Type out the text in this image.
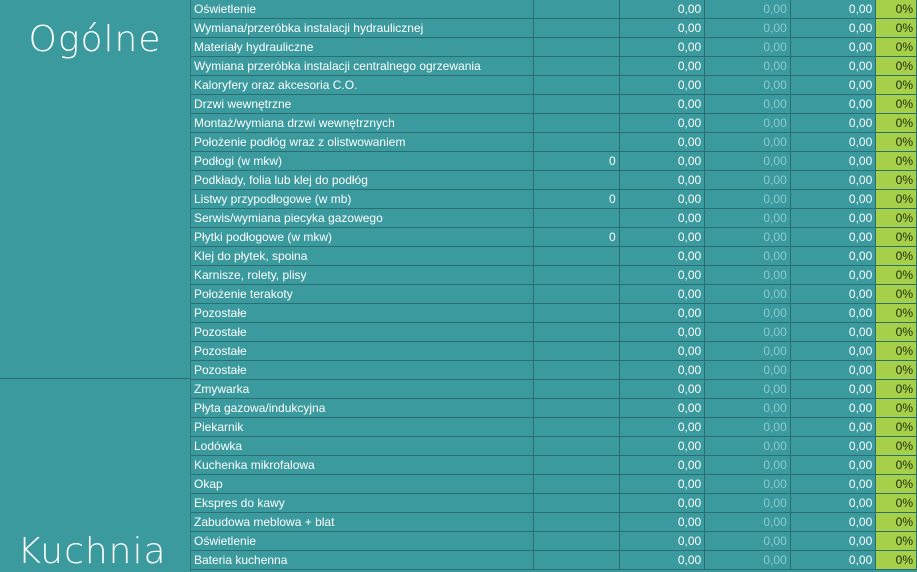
Ogólne
Kuchnia
Oświetlenie		0,00	0,00	0,00	0%
Wymiana/przeróbka instalacji hydraulicznej		0,00	0,00	0,00	0%
Materiały hydrauliczne		0,00	0,00	0,00	0%
Wymiana przeróbka instalacji centralnego ogrzewania		0,00	0,00	0,00	0%
Kaloryfery oraz akcesoria C.O.		0,00	0,00	0,00	0%
Drzwi wewnętrzne		0,00	0,00	0,00	0%
Montaż/wymiana drzwi wewnętrznych		0,00	0,00	0,00	0%
Położenie podłóg wraz z olistwowaniem		0,00	0,00	0,00	0%
Podłogi (w mkw)	0	0,00	0,00	0,00	0%
Podkłady, folia lub klej do podłóg		0,00	0,00	0,00	0%
Listwy przypodłogowe (w mb)	0	0,00	0,00	0,00	0%
Serwis/wymiana piecyka gazowego		0,00	0,00	0,00	0%
Płytki podłogowe (w mkw)	0	0,00	0,00	0,00	0%
Klej do płytek, spoina		0,00	0,00	0,00	0%
Karnisze, rolety, plisy		0,00	0,00	0,00	0%
Położenie terakoty		0,00	0,00	0,00	0%
Pozostałe		0,00	0,00	0,00	0%
Pozostałe		0,00	0,00	0,00	0%
Pozostałe		0,00	0,00	0,00	0%
Pozostałe		0,00	0,00	0,00	0%
Zmywarka		0,00	0,00	0,00	0%
Płyta gazowa/indukcyjna		0,00	0,00	0,00	0%
Piekarnik		0,00	0,00	0,00	0%
Lodówka		0,00	0,00	0,00	0%
Kuchenka mikrofalowa		0,00	0,00	0,00	0%
Okap		0,00	0,00	0,00	0%
Ekspres do kawy		0,00	0,00	0,00	0%
Zabudowa meblowa + blat		0,00	0,00	0,00	0%
Oświetlenie		0,00	0,00	0,00	0%
Bateria kuchenna		0,00	0,00	0,00	0%
